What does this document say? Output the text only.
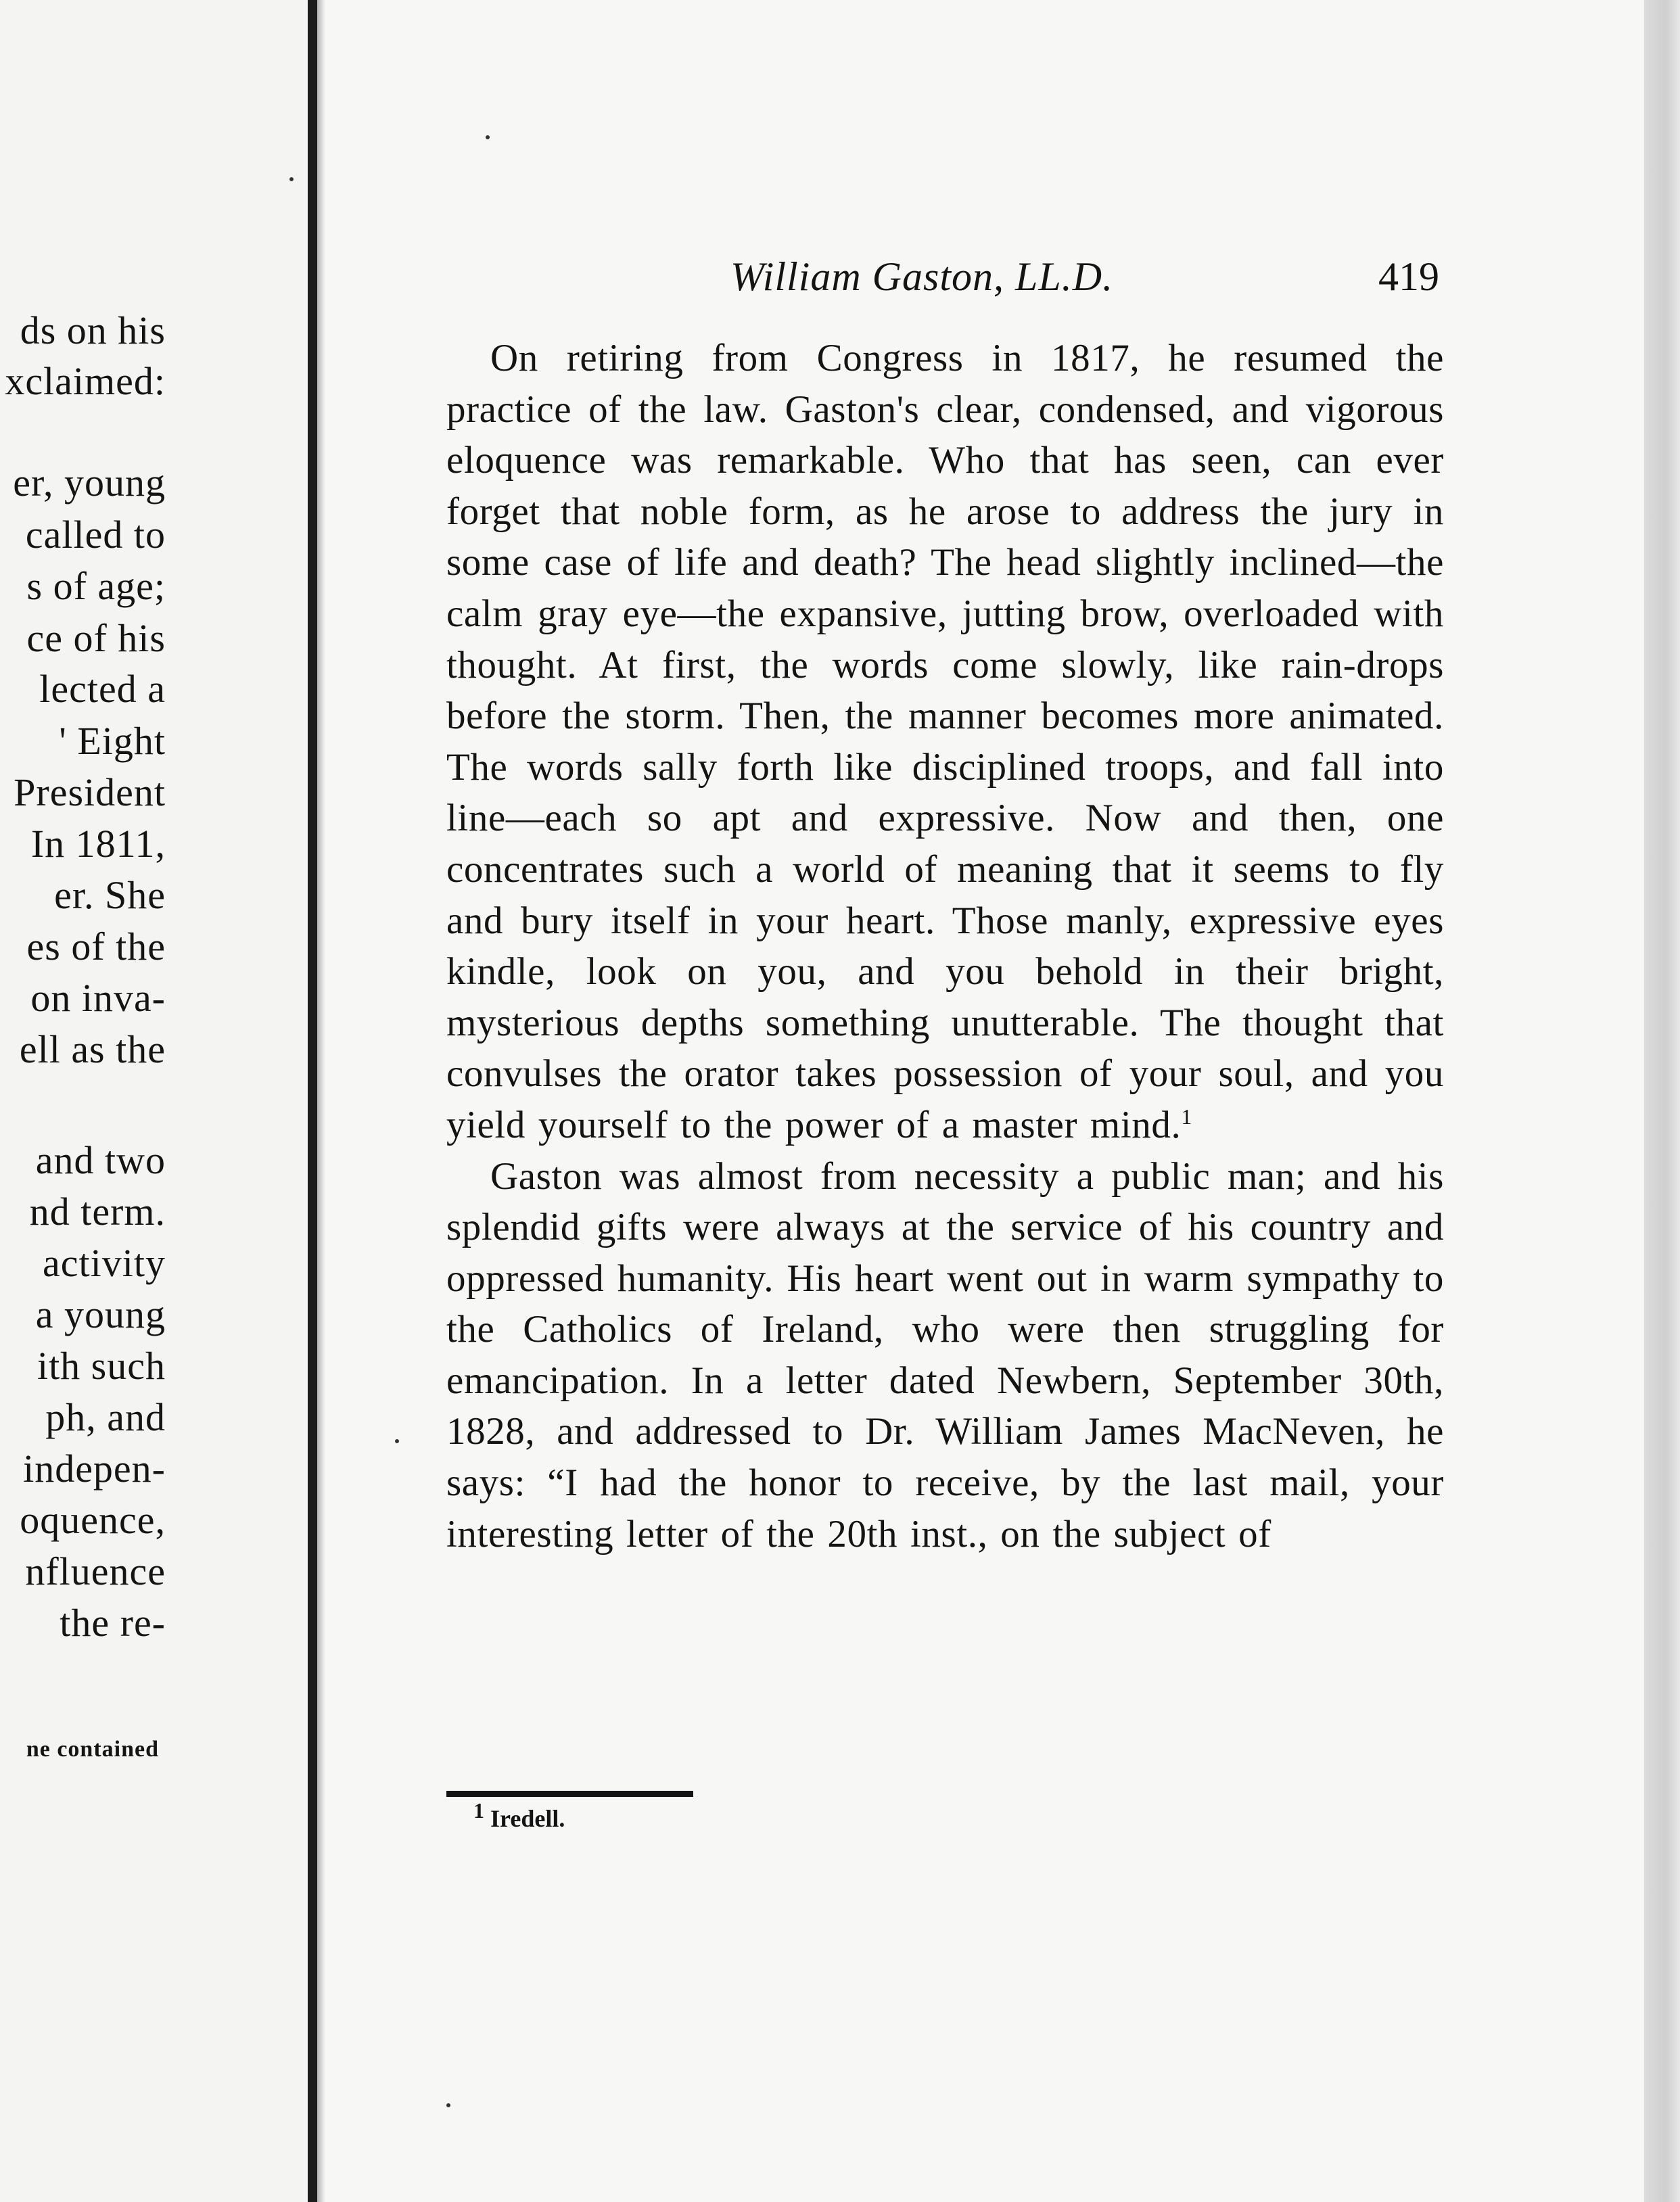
ds on his
xclaimed:
er, young
called to
s of age;
ce of his
lected a
' Eight
President
In 1811,
er. She
es of the
on inva-
ell as the
and two
nd term.
activity
a young
ith such
ph, and
indepen-
oquence,
nfluence
the re-
ne contained
William Gaston, LL.D.	419

On retiring from Congress in 1817, he resumed the practice of the law. Gaston's clear, condensed, and vigorous eloquence was remarkable. Who that has seen, can ever forget that noble form, as he arose to address the jury in some case of life and death? The head slightly inclined—the calm gray eye—the expansive, jutting brow, overloaded with thought. At first, the words come slowly, like rain-drops before the storm. Then, the manner becomes more animated. The words sally forth like disciplined troops, and fall into line—each so apt and expressive. Now and then, one concentrates such a world of meaning that it seems to fly and bury itself in your heart. Those manly, expressive eyes kindle, look on you, and you behold in their bright, mysterious depths something unutterable. The thought that convulses the orator takes possession of your soul, and you yield yourself to the power of a master mind.$^1$

Gaston was almost from necessity a public man; and his splendid gifts were always at the service of his country and oppressed humanity. His heart went out in warm sympathy to the Catholics of Ireland, who were then struggling for emancipation. In a letter dated Newbern, September 30th, 1828, and addressed to Dr. William James MacNeven, he says: “I had the honor to receive, by the last mail, your interesting letter of the 20th inst., on the subject of

$^1$ Iredell.
